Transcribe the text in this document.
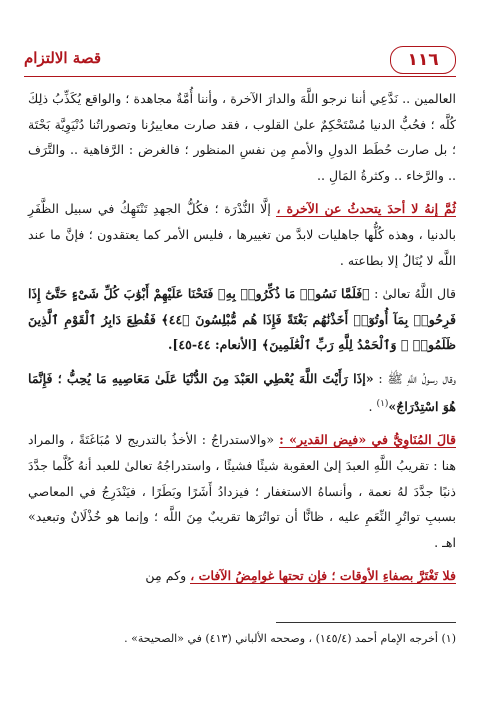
١١٦
قصة الالتزام

العالمين .. نَدَّعِي أننا نرجو اللَّهَ والدارَ الآخرة ، وأننا أُمَّةٌ مجاهدة ؛ والواقع يُكَذِّبُ ذلِكَ كُلَّه ؛ فحُبُّ الدنيا مُسْتَحْكِمٌ علىٰ القلوب ، فقد صارت معاييرُنا وتصوراتُنا دُنْيَوِيَّة بَحْتَة ؛ بل صارت حُطَط الدولِ والأممِ مِن نفسِ المنظور ؛ فالغرض : الرَّفاهية .. والتَّرَف .. والرَّخاء .. وكثرةُ المَالِ ..

ثُمَّ إنهُ لا أحدَ يتحدثُ عن الآخرة ، إلَّا النُّدْرَة ؛ فكُلُّ الجهدِ تَنْتَهِكُ في سبيل الظَّفَرِ بالدنيا ، وهذه كُلُّها جاهليات لابدَّ من تغييرها ، فليس الأمر كما يعتقدون ؛ فإنَّ ما عند اللَّه لا يُنَالُ إلا بطاعته .

قال اللَّهُ تعالىٰ : ﴿فَلَمَّا نَسُوا۟ مَا ذُكِّرُوا۟ بِهِۦ فَتَحْنَا عَلَيْهِمْ أَبْوَٰبَ كُلِّ شَىْءٍ حَتَّىٰٓ إِذَا فَرِحُوا۟ بِمَآ أُوتُوٓا۟ أَخَذْنَٰهُم بَغْتَةً فَإِذَا هُم مُّبْلِسُونَ ﴿٤٤﴾ فَقُطِعَ دَابِرُ ٱلْقَوْمِ ٱلَّذِينَ ظَلَمُوا۟ ۚ وَٱلْحَمْدُ لِلَّهِ رَبِّ ٱلْعَٰلَمِينَ﴾ [الأنعام: ٤٤-٤٥].

وقال رسولُ اللَّهِ ﷺ : «إذَا رَأَيْتَ اللَّهَ يُعْطِي العَبْدَ مِنَ الدُّنْيَا عَلَىٰ مَعَاصِيهِ مَا يُحِبُّ ؛ فَإِنَّمَا هُوَ اسْتِدْرَاجٌ»$^{(١)}$ .

قالَ المُنَاوِيُّ في «فيض القدير» : «والاستدراجُ : الأخذُ بالتدريج لا مُبَاغَتَةً ، والمراد هنا : تقريبُ اللَّهِ العبدَ إلىٰ العقوبة شيئًا فشيئًا ، واستدراجُهُ تعالىٰ للعبد أنهُ كُلَّما جدَّدَ ذنبًا جدَّدَ لهُ نعمة ، وأنساهُ الاستغفار ؛ فيزدادُ أَشَرًا وبَطَرًا ، فيَنْدَرِجُ في المعاصي بسببِ تواتُرِ النِّعَمِ عليه ، ظانًّا أن تواتُرَها تقريبٌ مِنَ اللَّه ؛ وإنما هو خُذْلَانٌ وتبعيد» اهـ .

فلا تَغْتَرَّ بصفاءِ الأوقات ؛ فإن تحتها غوامِضُ الآفات ، وكم مِن

(١) أخرجه الإمام أحمد (١٤٥/٤) ، وصححه الألباني (٤١٣) في «الصحيحة» .
